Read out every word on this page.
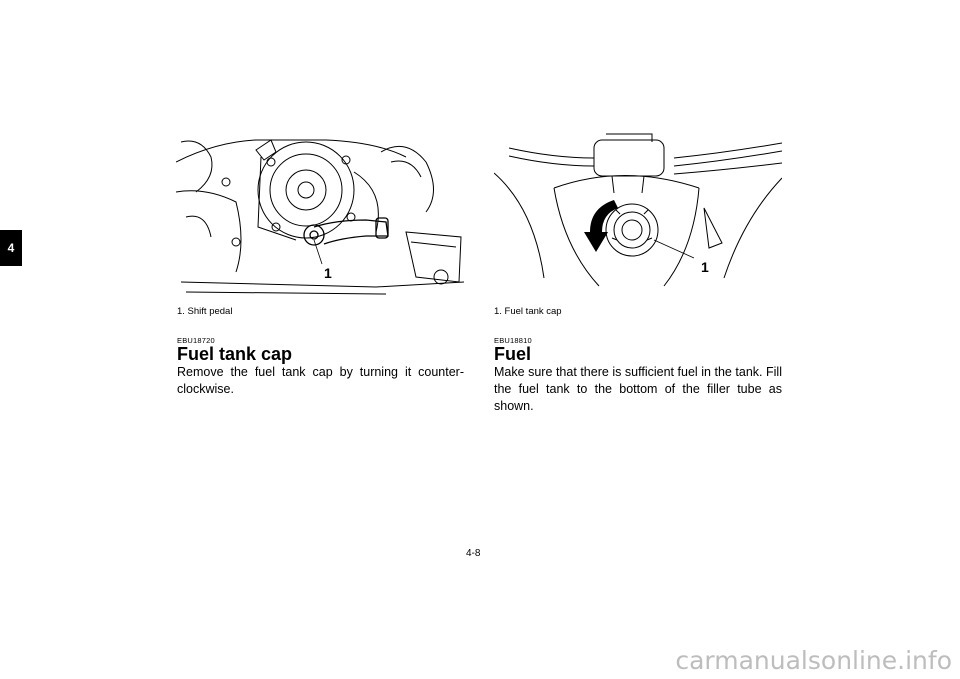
4
1
1. Shift pedal
EBU18720
Fuel tank cap
Remove the fuel tank cap by turning it counter-clockwise.
1
1. Fuel tank cap
EBU18810
Fuel
Make sure that there is sufficient fuel in the tank. Fill the fuel tank to the bottom of the filler tube as shown.
4-8
carmanualsonline.info
